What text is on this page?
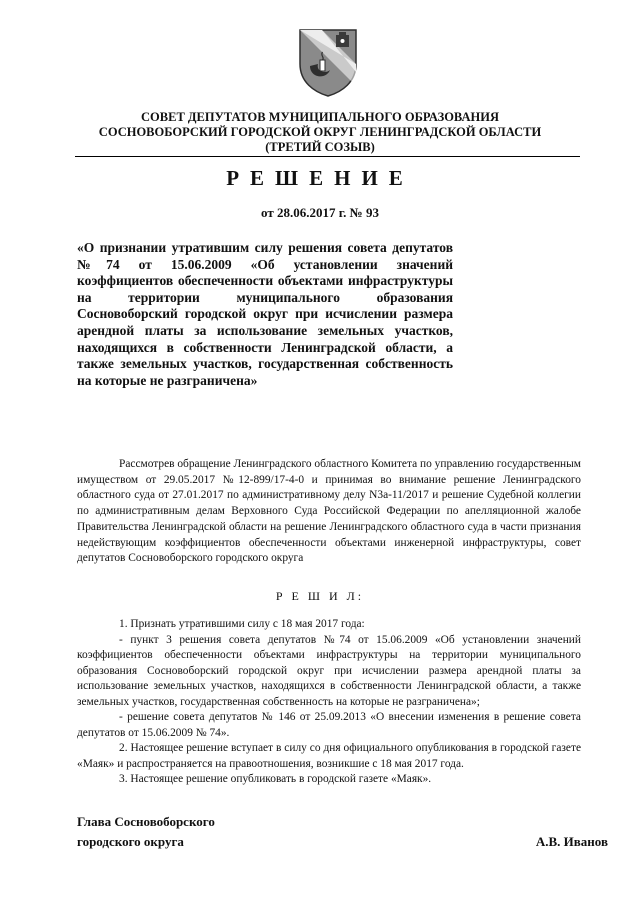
СОВЕТ ДЕПУТАТОВ МУНИЦИПАЛЬНОГО ОБРАЗОВАНИЯ
СОСНОВОБОРСКИЙ ГОРОДСКОЙ ОКРУГ ЛЕНИНГРАДСКОЙ ОБЛАСТИ
(ТРЕТИЙ СОЗЫВ)
РЕШЕНИЕ
от 28.06.2017 г. № 93
«О признании утратившим силу решения совета депутатов №74 от 15.06.2009 «Об установлении значений коэффициентов обеспеченности объектами инфраструктуры на территории муниципального образования Сосновоборский городской округ при исчислении размера арендной платы за использование земельных участков, находящихся в собственности Ленинградской области, а также земельных участков, государственная собственность на которые не разграничена»
Рассмотрев обращение Ленинградского областного Комитета по управлению государственным имуществом от 29.05.2017 №12-899/17-4-0 и принимая во внимание решение Ленинградского областного суда от 27.01.2017 по административному делу N3а-11/2017 и решение Судебной коллегии по административным делам Верховного Суда Российской Федерации по апелляционной жалобе Правительства Ленинградской области на решение Ленинградского областного суда в части признания недействующим коэффициентов обеспеченности объектами инженерной инфраструктуры, совет депутатов Сосновоборского городского округа
Р Е Ш И Л:

1. Признать утратившими силу с 18 мая 2017 года:

- пункт 3 решения совета депутатов №74 от 15.06.2009 «Об установлении значений коэффициентов обеспеченности объектами инфраструктуры на территории муниципального образования Сосновоборский городской округ при исчислении размера арендной платы за использование земельных участков, находящихся в собственности Ленинградской области, а также земельных участков, государственная собственность на которые не разграничена»;

- решение совета депутатов № 146 от 25.09.2013 «О внесении изменения в решение совета депутатов от 15.06.2009 № 74».

2. Настоящее решение вступает в силу со дня официального опубликования в городской газете «Маяк» и распространяется на правоотношения, возникшие с 18 мая 2017 года.

3. Настоящее решение опубликовать в городской газете «Маяк».

Глава Сосновоборского
городского округа	А.В. Иванов
